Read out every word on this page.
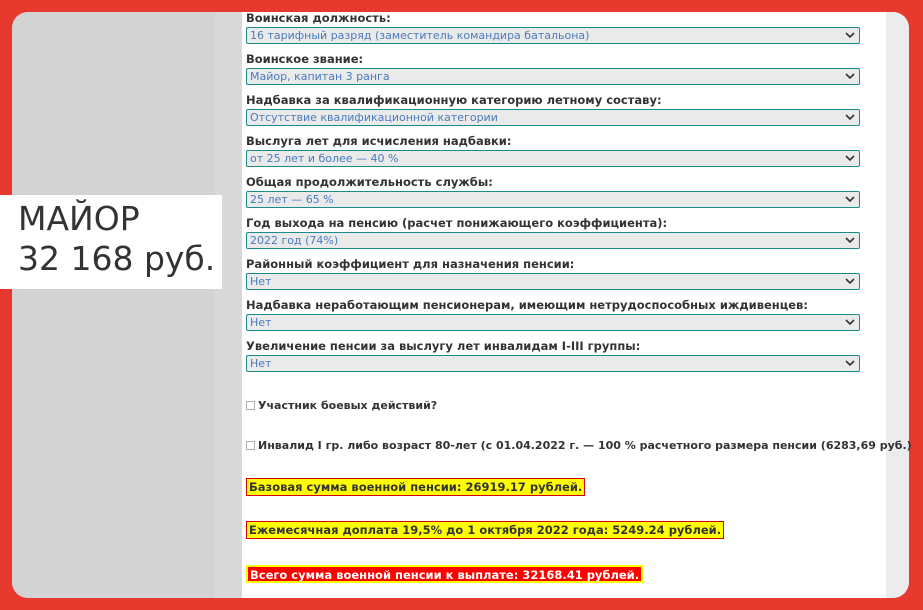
МАЙОР
32 168 руб.
Воинская должность:
16 тарифный разряд (заместитель командира батальона)
Воинское звание:
Майор, капитан 3 ранга
Надбавка за квалификационную категорию летному составу:
Отсутствие квалификационной категории
Выслуга лет для исчисления надбавки:
от 25 лет и более — 40 %
Общая продолжительность службы:
25 лет — 65 %
Год выхода на пенсию (расчет понижающего коэффициента):
2022 год (74%)
Районный коэффициент для назначения пенсии:
Нет
Надбавка неработающим пенсионерам, имеющим нетрудоспособных иждивенцев:
Нет
Увеличение пенсии за выслугу лет инвалидам I-III группы:
Нет
Участник боевых действий?
Инвалид I гр. либо возраст 80-лет (с 01.04.2022 г. — 100 % расчетного размера пенсии (6283,69 руб.)
Базовая сумма военной пенсии: 26919.17 рублей.
Ежемесячная доплата 19,5% до 1 октября 2022 года: 5249.24 рублей.
Всего сумма военной пенсии к выплате: 32168.41 рублей.
